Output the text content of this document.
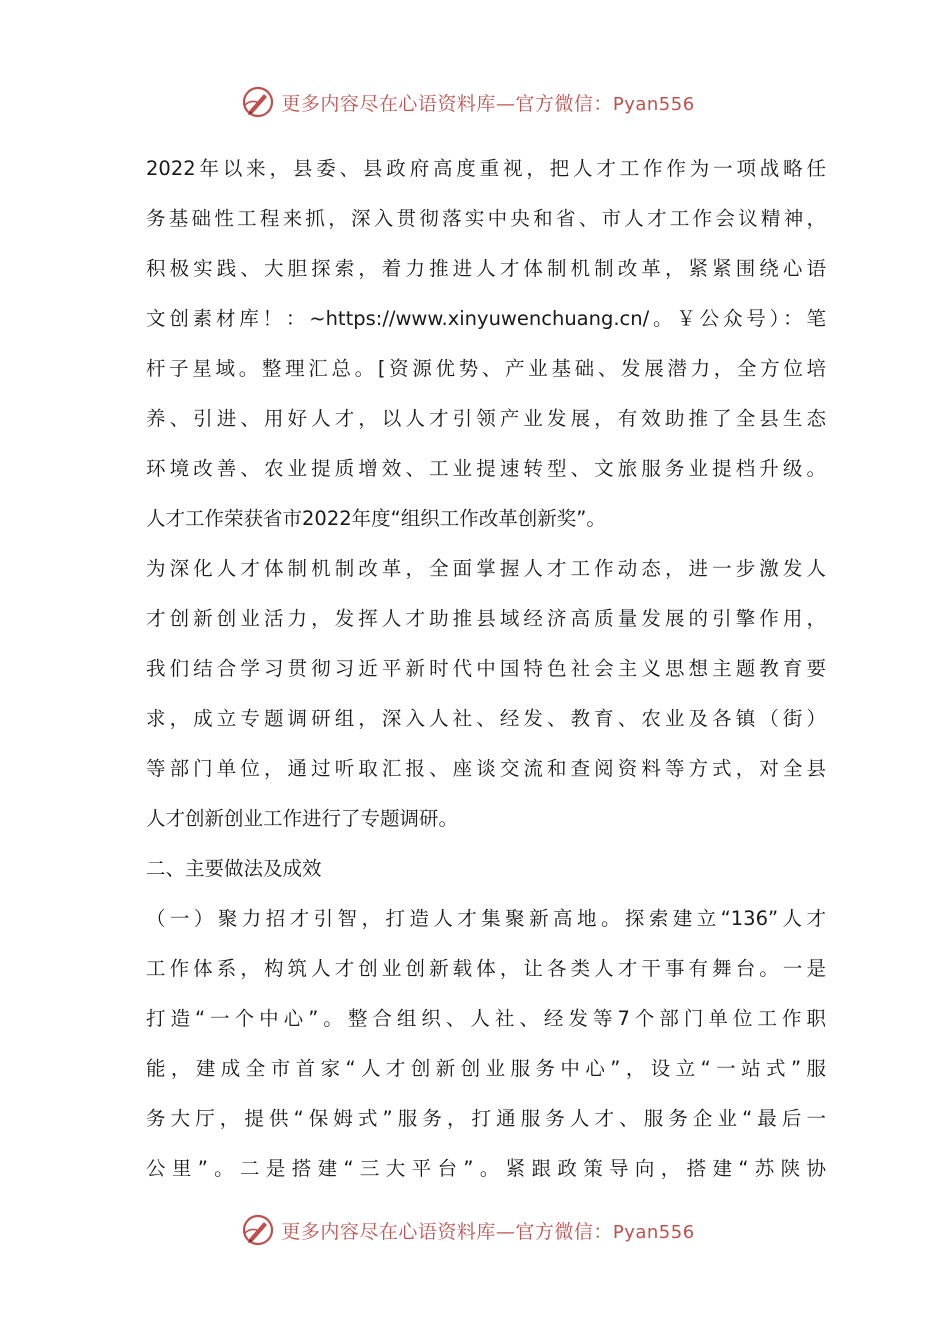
更多内容尽在心语资料库—官方微信：Pyan556
2022年以来，县委、县政府高度重视，把人才工作作为一项战略任
务基础性工程来抓，深入贯彻落实中央和省、市人才工作会议精神，
积极实践、大胆探索，着力推进人才体制机制改革，紧紧围绕心语
文创素材库！：~https://www.xinyuwenchuang.cn/。￥公众号）：笔
杆子星域。整理汇总。[资源优势、产业基础、发展潜力，全方位培
养、引进、用好人才，以人才引领产业发展，有效助推了全县生态
环境改善、农业提质增效、工业提速转型、文旅服务业提档升级。
人才工作荣获省市2022年度“组织工作改革创新奖”。
为深化人才体制机制改革，全面掌握人才工作动态，进一步激发人
才创新创业活力，发挥人才助推县域经济高质量发展的引擎作用，
我们结合学习贯彻习近平新时代中国特色社会主义思想主题教育要
求，成立专题调研组，深入人社、经发、教育、农业及各镇（街）
等部门单位，通过听取汇报、座谈交流和查阅资料等方式，对全县
人才创新创业工作进行了专题调研。
二、主要做法及成效
（一）聚力招才引智，打造人才集聚新高地。探索建立“136”人才
工作体系，构筑人才创业创新载体，让各类人才干事有舞台。一是
打造“一个中心”。整合组织、人社、经发等7个部门单位工作职
能，建成全市首家“人才创新创业服务中心”，设立“一站式”服
务大厅，提供“保姆式”服务，打通服务人才、服务企业“最后一
公里”。二是搭建“三大平台”。紧跟政策导向，搭建“苏陕协
更多内容尽在心语资料库—官方微信：Pyan556
